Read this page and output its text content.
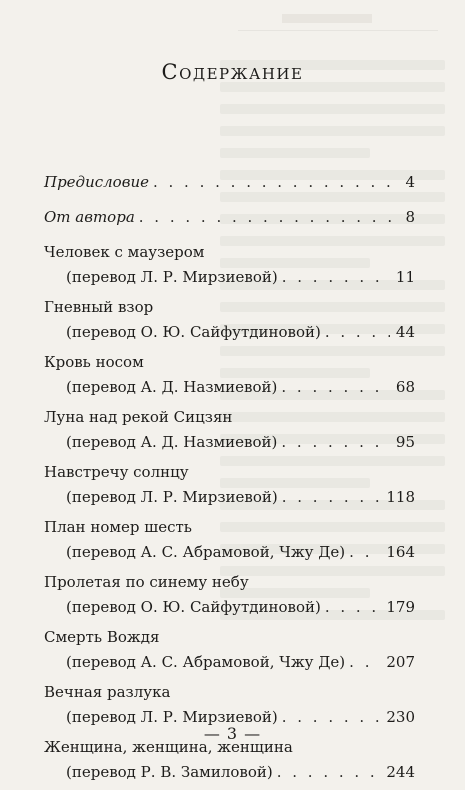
Содержание
Предисловие . . .	4
От автора . . .	8
Человек с маузером
(перевод Л. Р. Мирзиевой) . . .	11
Гневный взор
(перевод О. Ю. Сайфутдиновой) . . .	44
Кровь носом
(перевод А. Д. Назмиевой) . . .	68
Луна над рекой Сицзян
(перевод А. Д. Назмиевой) . . .	95
Навстречу солнцу
(перевод Л. Р. Мирзиевой) . . .	118
План номер шесть
(перевод А. С. Абрамовой, Чжу Де) . . .	164
Пролетая по синему небу
(перевод О. Ю. Сайфутдиновой) . . .	179
Смерть Вождя
(перевод А. С. Абрамовой, Чжу Де) . . .	207
Вечная разлука
(перевод Л. Р. Мирзиевой) . . .	230
Женщина, женщина, женщина
(перевод Р. В. Замиловой) . . .	244
— 3 —
